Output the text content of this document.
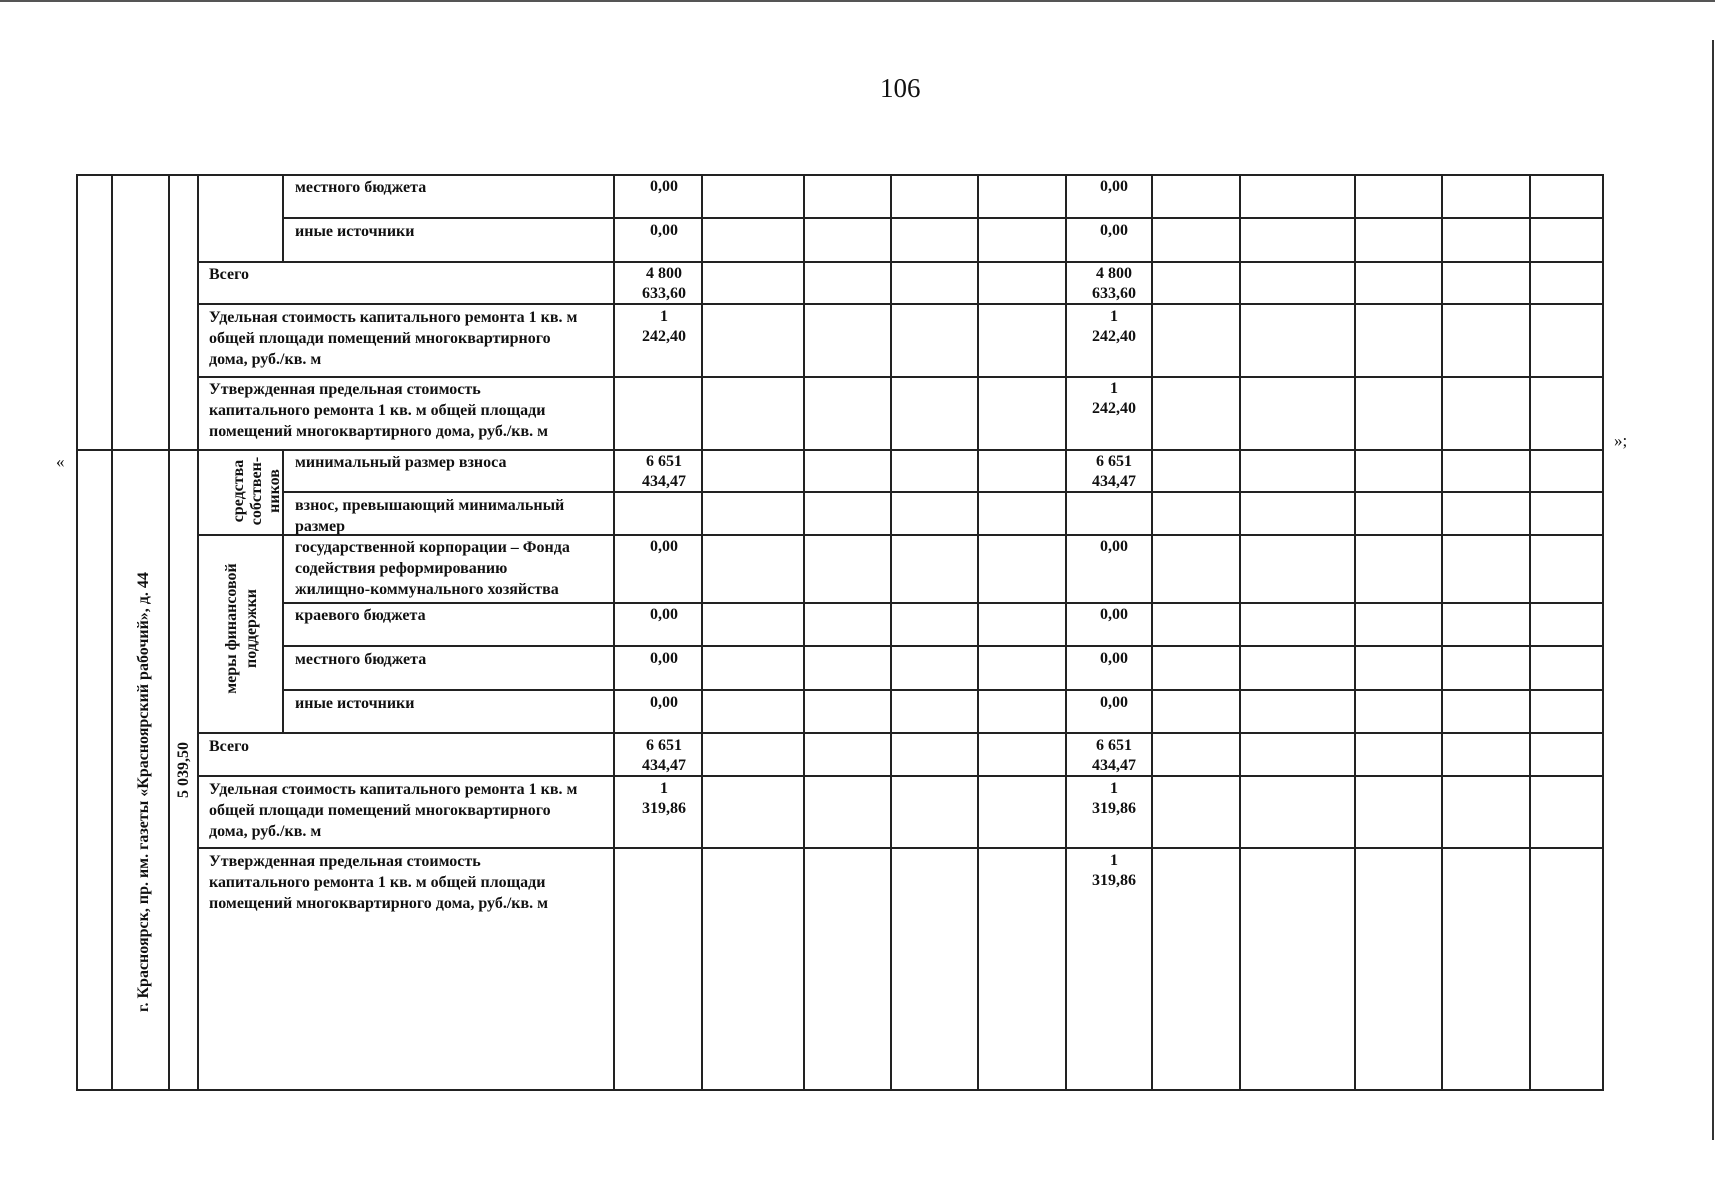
106
«
»;
местного бюджета
иные источники
Всего
Удельная стоимость капитального ремонта 1 кв. м
общей площади помещений многоквартирного
дома, руб./кв. м
Утвержденная предельная стоимость
капитального ремонта 1 кв. м общей площади
помещений многоквартирного дома, руб./кв. м
0,00
0,00
4 800
633,60
1
242,40
0,00
0,00
4 800
633,60
1
242,40
1
242,40
г. Красноярск, пр. им. газеты «Красноярский рабочий», д. 44 5 039,50

средства собствен-ников

меры финансовой поддержки
минимальный размер взноса
взнос, превышающий минимальный
размер
государственной корпорации – Фонда
содействия реформированию
жилищно-коммунального хозяйства
краевого бюджета
местного бюджета
иные источники
Всего
Удельная стоимость капитального ремонта 1 кв. м
общей площади помещений многоквартирного
дома, руб./кв. м
Утвержденная предельная стоимость
капитального ремонта 1 кв. м общей площади
помещений многоквартирного дома, руб./кв. м
6 651
434,47
0,00
0,00
0,00
0,00
6 651
434,47
1
319,86
6 651
434,47
0,00
0,00
0,00
0,00
6 651
434,47
1
319,86
1
319,86
